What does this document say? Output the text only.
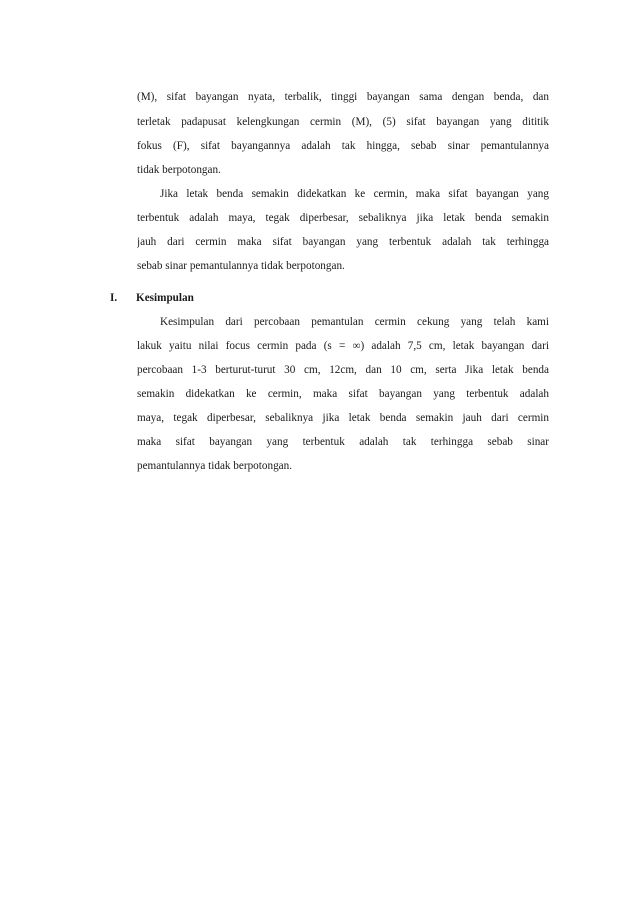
(M), sifat bayangan nyata, terbalik, tinggi bayangan sama dengan benda, dan
terletak padapusat kelengkungan cermin (M), (5) sifat bayangan yang dititik
fokus (F), sifat bayangannya adalah tak hingga, sebab sinar pemantulannya
tidak berpotongan.
Jika letak benda semakin didekatkan ke cermin, maka sifat bayangan yang
terbentuk adalah maya, tegak diperbesar, sebaliknya jika letak benda semakin
jauh dari cermin maka sifat bayangan yang terbentuk adalah tak terhingga
sebab sinar pemantulannya tidak berpotongan.
I. Kesimpulan
Kesimpulan dari percobaan pemantulan cermin cekung yang telah kami
lakuk yaitu nilai focus cermin pada (s = ∞) adalah 7,5 cm, letak bayangan dari
percobaan 1-3 berturut-turut 30 cm, 12cm, dan 10 cm, serta Jika letak benda
semakin didekatkan ke cermin, maka sifat bayangan yang terbentuk adalah
maya, tegak diperbesar, sebaliknya jika letak benda semakin jauh dari cermin
maka sifat bayangan yang terbentuk adalah tak terhingga sebab sinar
pemantulannya tidak berpotongan.
